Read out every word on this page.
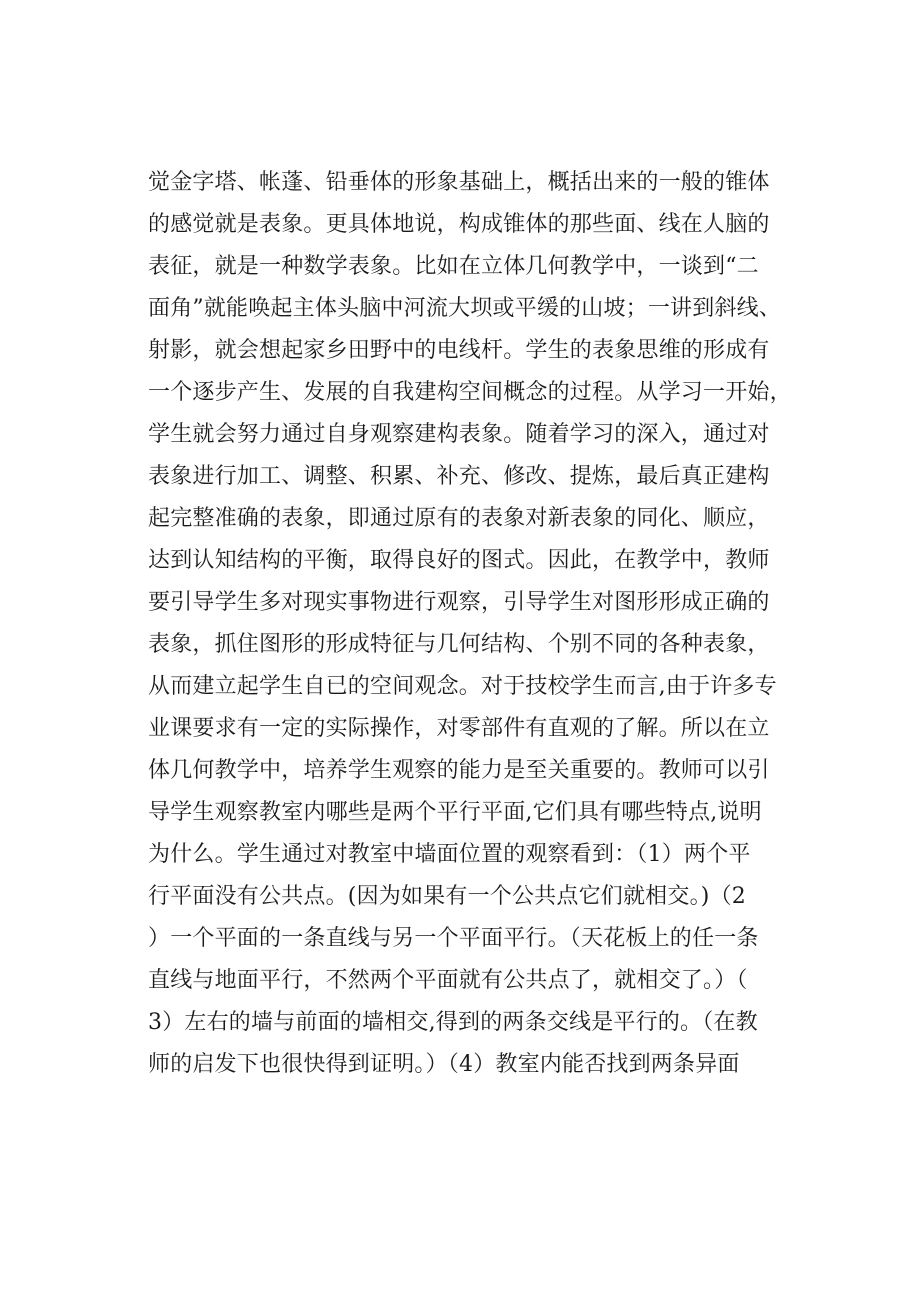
觉金字塔、帐蓬、铅垂体的形象基础上，概括出来的一般的锥体
的感觉就是表象。更具体地说，构成锥体的那些面、线在人脑的
表征，就是一种数学表象。比如在立体几何教学中，一谈到“二
面角”就能唤起主体头脑中河流大坝或平缓的山坡；一讲到斜线、
射影，就会想起家乡田野中的电线杆。学生的表象思维的形成有
一个逐步产生、发展的自我建构空间概念的过程。从学习一开始，
学生就会努力通过自身观察建构表象。随着学习的深入，通过对
表象进行加工、调整、积累、补充、修改、提炼，最后真正建构
起完整准确的表象，即通过原有的表象对新表象的同化、顺应，
达到认知结构的平衡，取得良好的图式。因此，在教学中，教师
要引导学生多对现实事物进行观察，引导学生对图形形成正确的
表象，抓住图形的形成特征与几何结构、个别不同的各种表象，
从而建立起学生自已的空间观念。对于技校学生而言,由于许多专
业课要求有一定的实际操作，对零部件有直观的了解。所以在立
体几何教学中，培养学生观察的能力是至关重要的。教师可以引
导学生观察教室内哪些是两个平行平面,它们具有哪些特点,说明
为什么。学生通过对教室中墙面位置的观察看到：（1）两个平
行平面没有公共点。(因为如果有一个公共点它们就相交。)（2
）一个平面的一条直线与另一个平面平行。（天花板上的任一条
直线与地面平行，不然两个平面就有公共点了，就相交了。）（
3）左右的墙与前面的墙相交,得到的两条交线是平行的。（在教
师的启发下也很快得到证明。）（4）教室内能否找到两条异面
